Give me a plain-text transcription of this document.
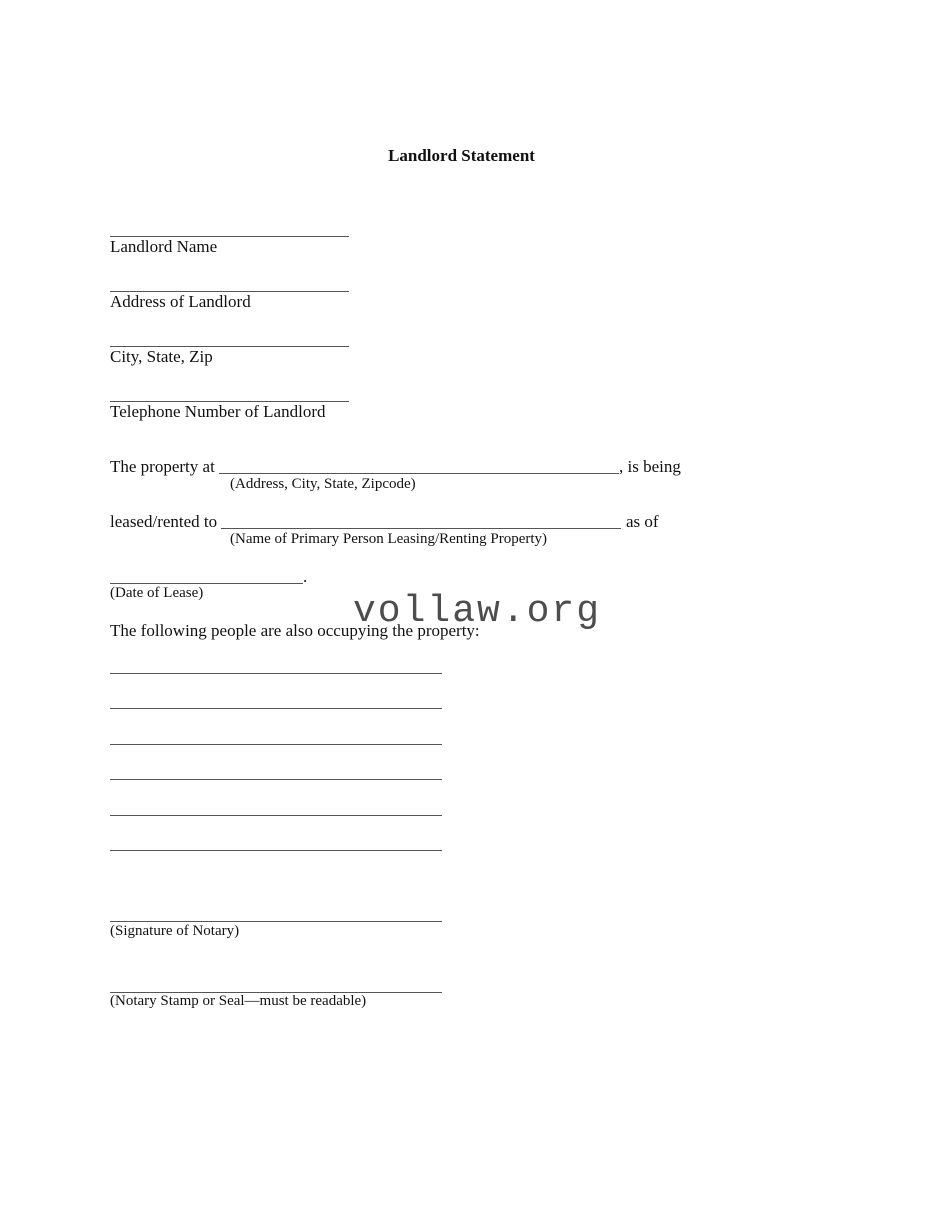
Landlord Statement
Landlord Name
Address of Landlord
City, State, Zip
Telephone Number of Landlord
The property at	, is being
(Address, City, State, Zipcode)
leased/rented to	as of
(Name of Primary Person Leasing/Renting Property)
.
(Date of Lease)
The following people are also occupying the property:
(Signature of Notary)
(Notary Stamp or Seal—must be readable)
vollaw.org
